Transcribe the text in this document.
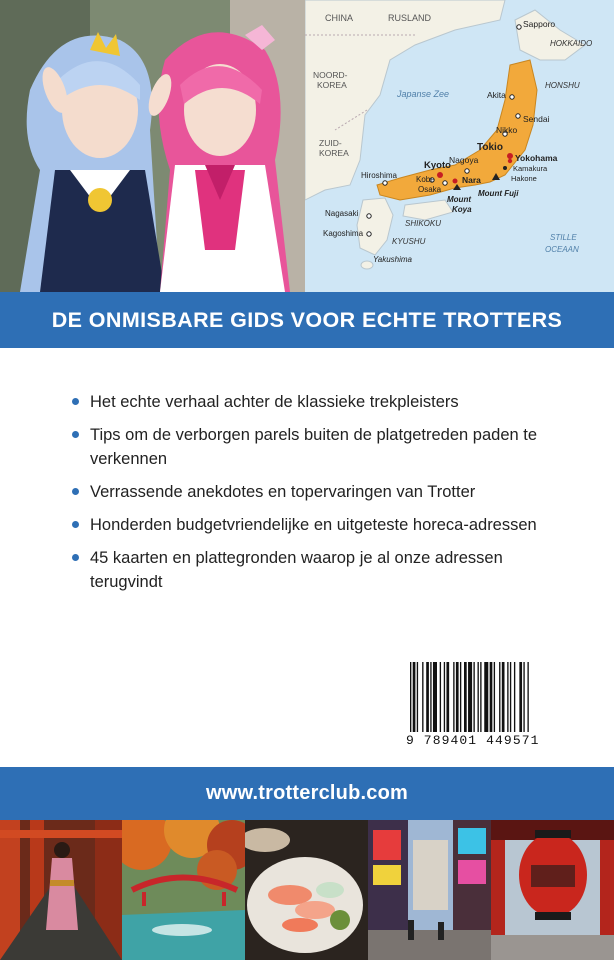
CHINA	RUSLAND
NOORD-
KOREA
ZUID-
KOREA
Japanse Zee
STILLE
OCEAAN
HOKKAIDO
HONSHU
SHIKOKU
KYUSHU
Sapporo
Akita
Sendai
Nikko
Tokio
Yokohama
Kamakura
Hakone
Nagoya
Kyoto
Kobe
Osaka
Nara
Hiroshima
Nagasaki
Kagoshima
Yakushima
Mount
Koya
Mount Fuji
DE ONMISBARE GIDS VOOR ECHTE TROTTERS
Het echte verhaal achter de klassieke trekpleisters
Tips om de verborgen parels buiten de platgetreden paden te verkennen
Verrassende anekdotes en topervaringen van Trotter
Honderden budgetvriendelijke en uitgeteste horeca-adressen
45 kaarten en plattegronden waarop je al onze adressen terugvindt
9 789401 449571
www.trotterclub.com
